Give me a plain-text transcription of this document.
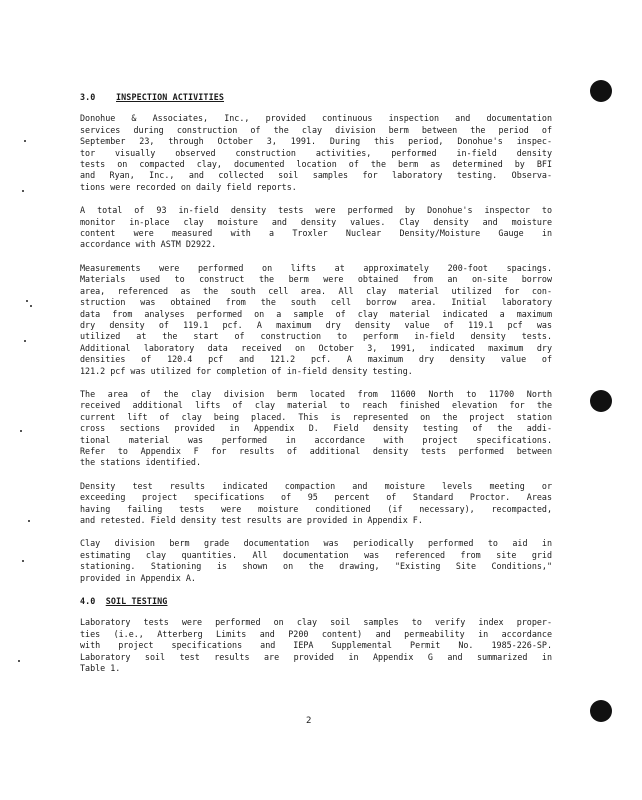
3.0 INSPECTION ACTIVITIES
Donohue & Associates, Inc., provided continuous inspection and documentation
services during construction of the clay division berm between the period of
September 23, through October 3, 1991. During this period, Donohue's inspec-
tor visually observed construction activities, performed in-field density
tests on compacted clay, documented location of the berm as determined by BFI
and Ryan, Inc., and collected soil samples for laboratory testing. Observa-
tions were recorded on daily field reports.
A total of 93 in-field density tests were performed by Donohue's inspector to
monitor in-place clay moisture and density values. Clay density and moisture
content were measured with a Troxler Nuclear Density/Moisture Gauge in
accordance with ASTM D2922.
Measurements were performed on lifts at approximately 200-foot spacings.
Materials used to construct the berm were obtained from an on-site borrow
area, referenced as the south cell area. All clay material utilized for con-
struction was obtained from the south cell borrow area. Initial laboratory
data from analyses performed on a sample of clay material indicated a maximum
dry density of 119.1 pcf. A maximum dry density value of 119.1 pcf was
utilized at the start of construction to perform in-field density tests.
Additional laboratory data received on October 3, 1991, indicated maximum dry
densities of 120.4 pcf and 121.2 pcf. A maximum dry density value of
121.2 pcf was utilized for completion of in-field density testing.
The area of the clay division berm located from 11600 North to 11700 North
received additional lifts of clay material to reach finished elevation for the
current lift of clay being placed. This is represented on the project station
cross sections provided in Appendix D. Field density testing of the addi-
tional material was performed in accordance with project specifications.
Refer to Appendix F for results of additional density tests performed between
the stations identified.
Density test results indicated compaction and moisture levels meeting or
exceeding project specifications of 95 percent of Standard Proctor. Areas
having failing tests were moisture conditioned (if necessary), recompacted,
and retested. Field density test results are provided in Appendix F.
Clay division berm grade documentation was periodically performed to aid in
estimating clay quantities. All documentation was referenced from site grid
stationing. Stationing is shown on the drawing, "Existing Site Conditions,"
provided in Appendix A.
4.0 SOIL TESTING
Laboratory tests were performed on clay soil samples to verify index proper-
ties (i.e., Atterberg Limits and P200 content) and permeability in accordance
with project specifications and IEPA Supplemental Permit No. 1985-226-SP.
Laboratory soil test results are provided in Appendix G and summarized in
Table 1.
2
